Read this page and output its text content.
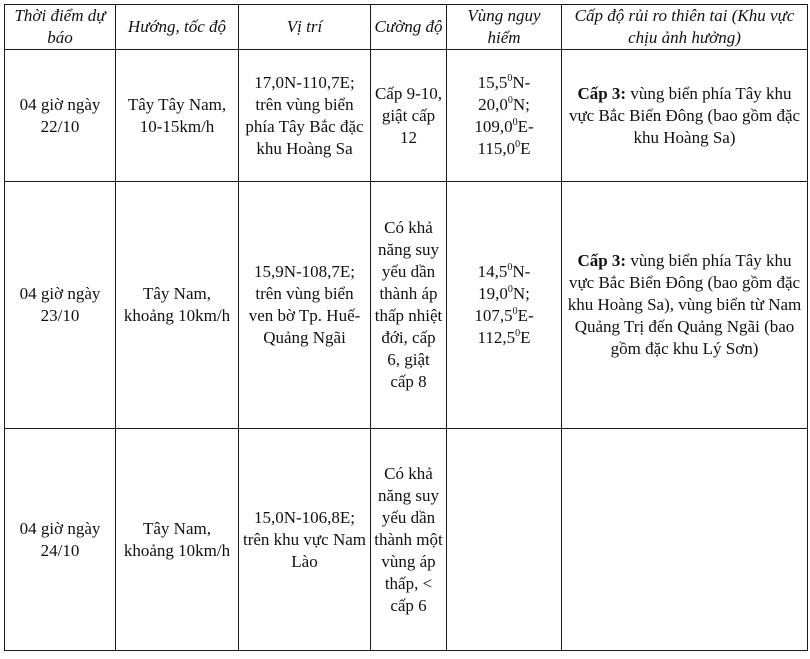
Thời điểm dự báo	Hướng, tốc độ	Vị trí	Cường độ	Vùng nguy hiểm	Cấp độ rủi ro thiên tai (Khu vực chịu ảnh hưởng)
04 giờ ngày 22/10	Tây Tây Nam, 10-15km/h	17,0N-110,7E; trên vùng biển phía Tây Bắc đặc khu Hoàng Sa	Cấp 9-10, giật cấp 12	15,5$^0$N-
20,0$^0$N;
109,0$^0$E-
115,0$^0$E	Cấp 3: vùng biển phía Tây khu vực Bắc Biển Đông (bao gồm đặc khu Hoàng Sa)
04 giờ ngày 23/10	Tây Nam, khoảng 10km/h	15,9N-108,7E; trên vùng biển ven bờ Tp. Huế-Quảng Ngãi	Có khả năng suy yếu dần thành áp thấp nhiệt đới, cấp 6, giật cấp 8	14,5$^0$N-
19,0$^0$N;
107,5$^0$E-
112,5$^0$E	Cấp 3: vùng biển phía Tây khu vực Bắc Biển Đông (bao gồm đặc khu Hoàng Sa), vùng biển từ Nam Quảng Trị đến Quảng Ngãi (bao gồm đặc khu Lý Sơn)
04 giờ ngày 24/10	Tây Nam, khoảng 10km/h	15,0N-106,8E; trên khu vực Nam Lào	Có khả năng suy yếu dần thành một vùng áp thấp, < cấp 6		
